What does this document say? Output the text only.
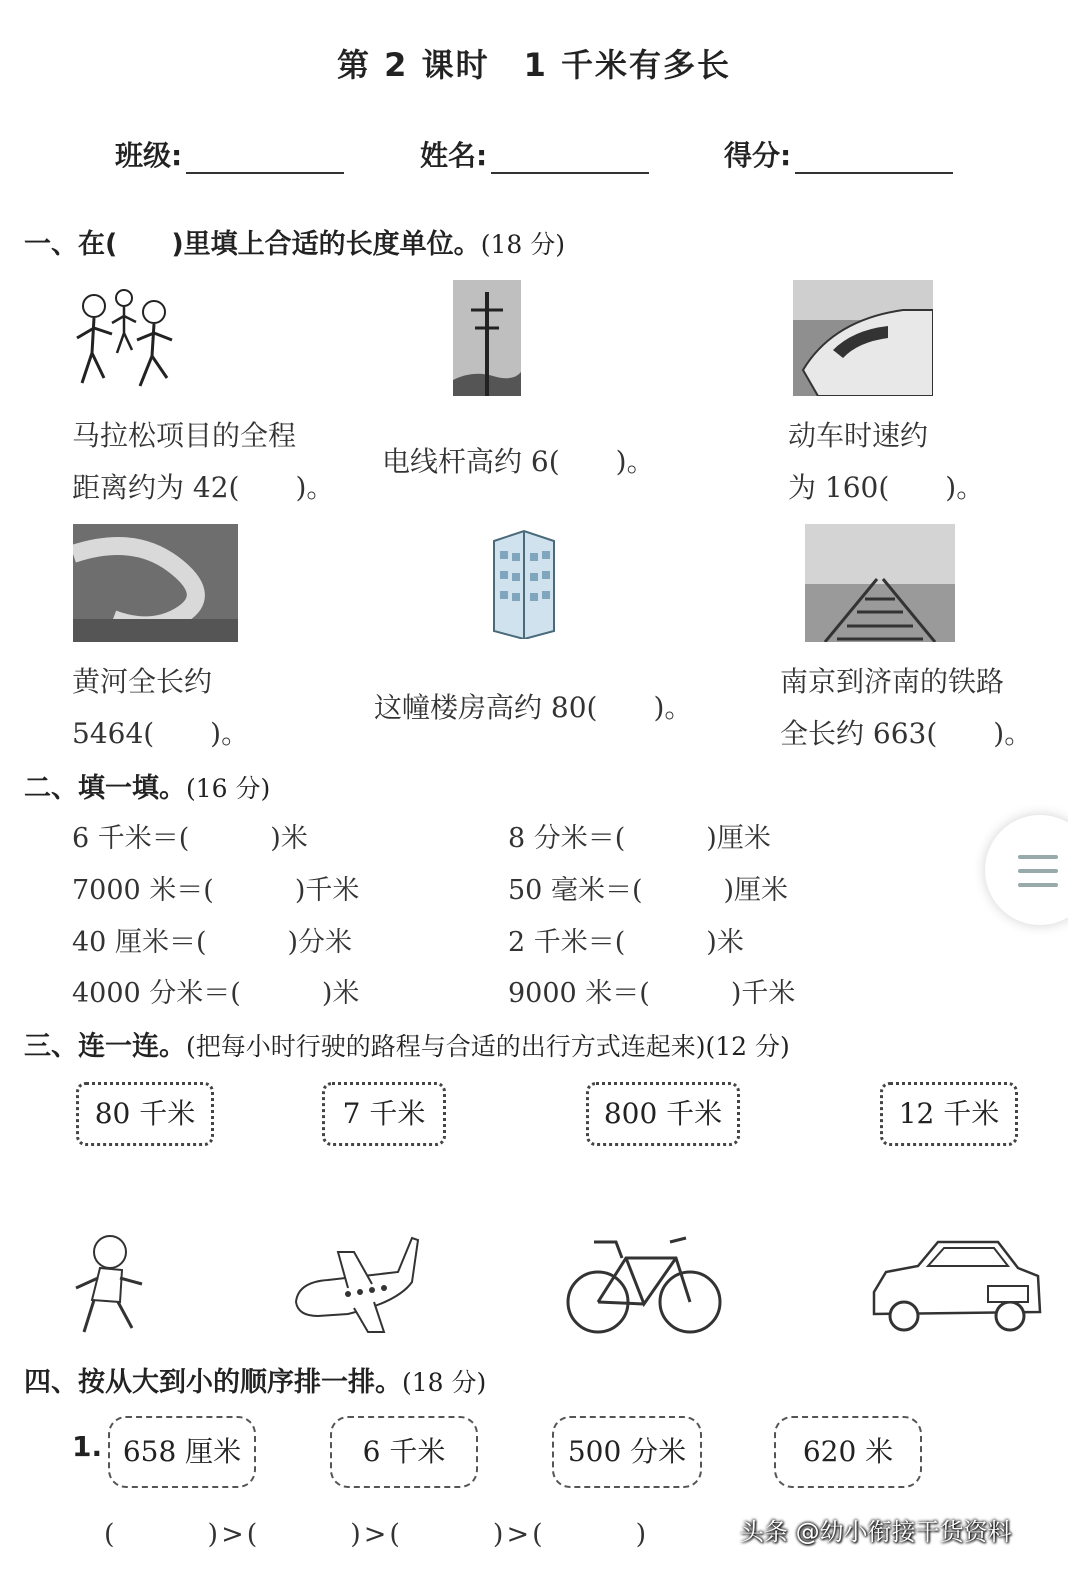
第 2 课时　1 千米有多长
班级:	姓名:	得分:
一、在(　　)里填上合适的长度单位。(18 分)
马拉松项目的全程
距离约为 42(　　)。
电线杆高约 6(　　)。
动车时速约
为 160(　　)。
黄河全长约
5464(　　)。
这幢楼房高约 80(　　)。
南京到济南的铁路
全长约 663(　　)。
二、填一填。(16 分)
6 千米＝(　　　)米	8 分米＝(　　　)厘米
7000 米＝(　　　)千米	50 毫米＝(　　　)厘米
40 厘米＝(　　　)分米	2 千米＝(　　　)米
4000 分米＝(　　　)米	9000 米＝(　　　)千米
三、连一连。(把每小时行驶的路程与合适的出行方式连起来)(12 分)
80 千米	7 千米	800 千米	12 千米
四、按从大到小的顺序排一排。(18 分)
1. 658 厘米	6 千米	500 分米	620 米
(　　　)>(　　　)>(　　　)>(　　　)	头条 @幼小衔接干货资料
